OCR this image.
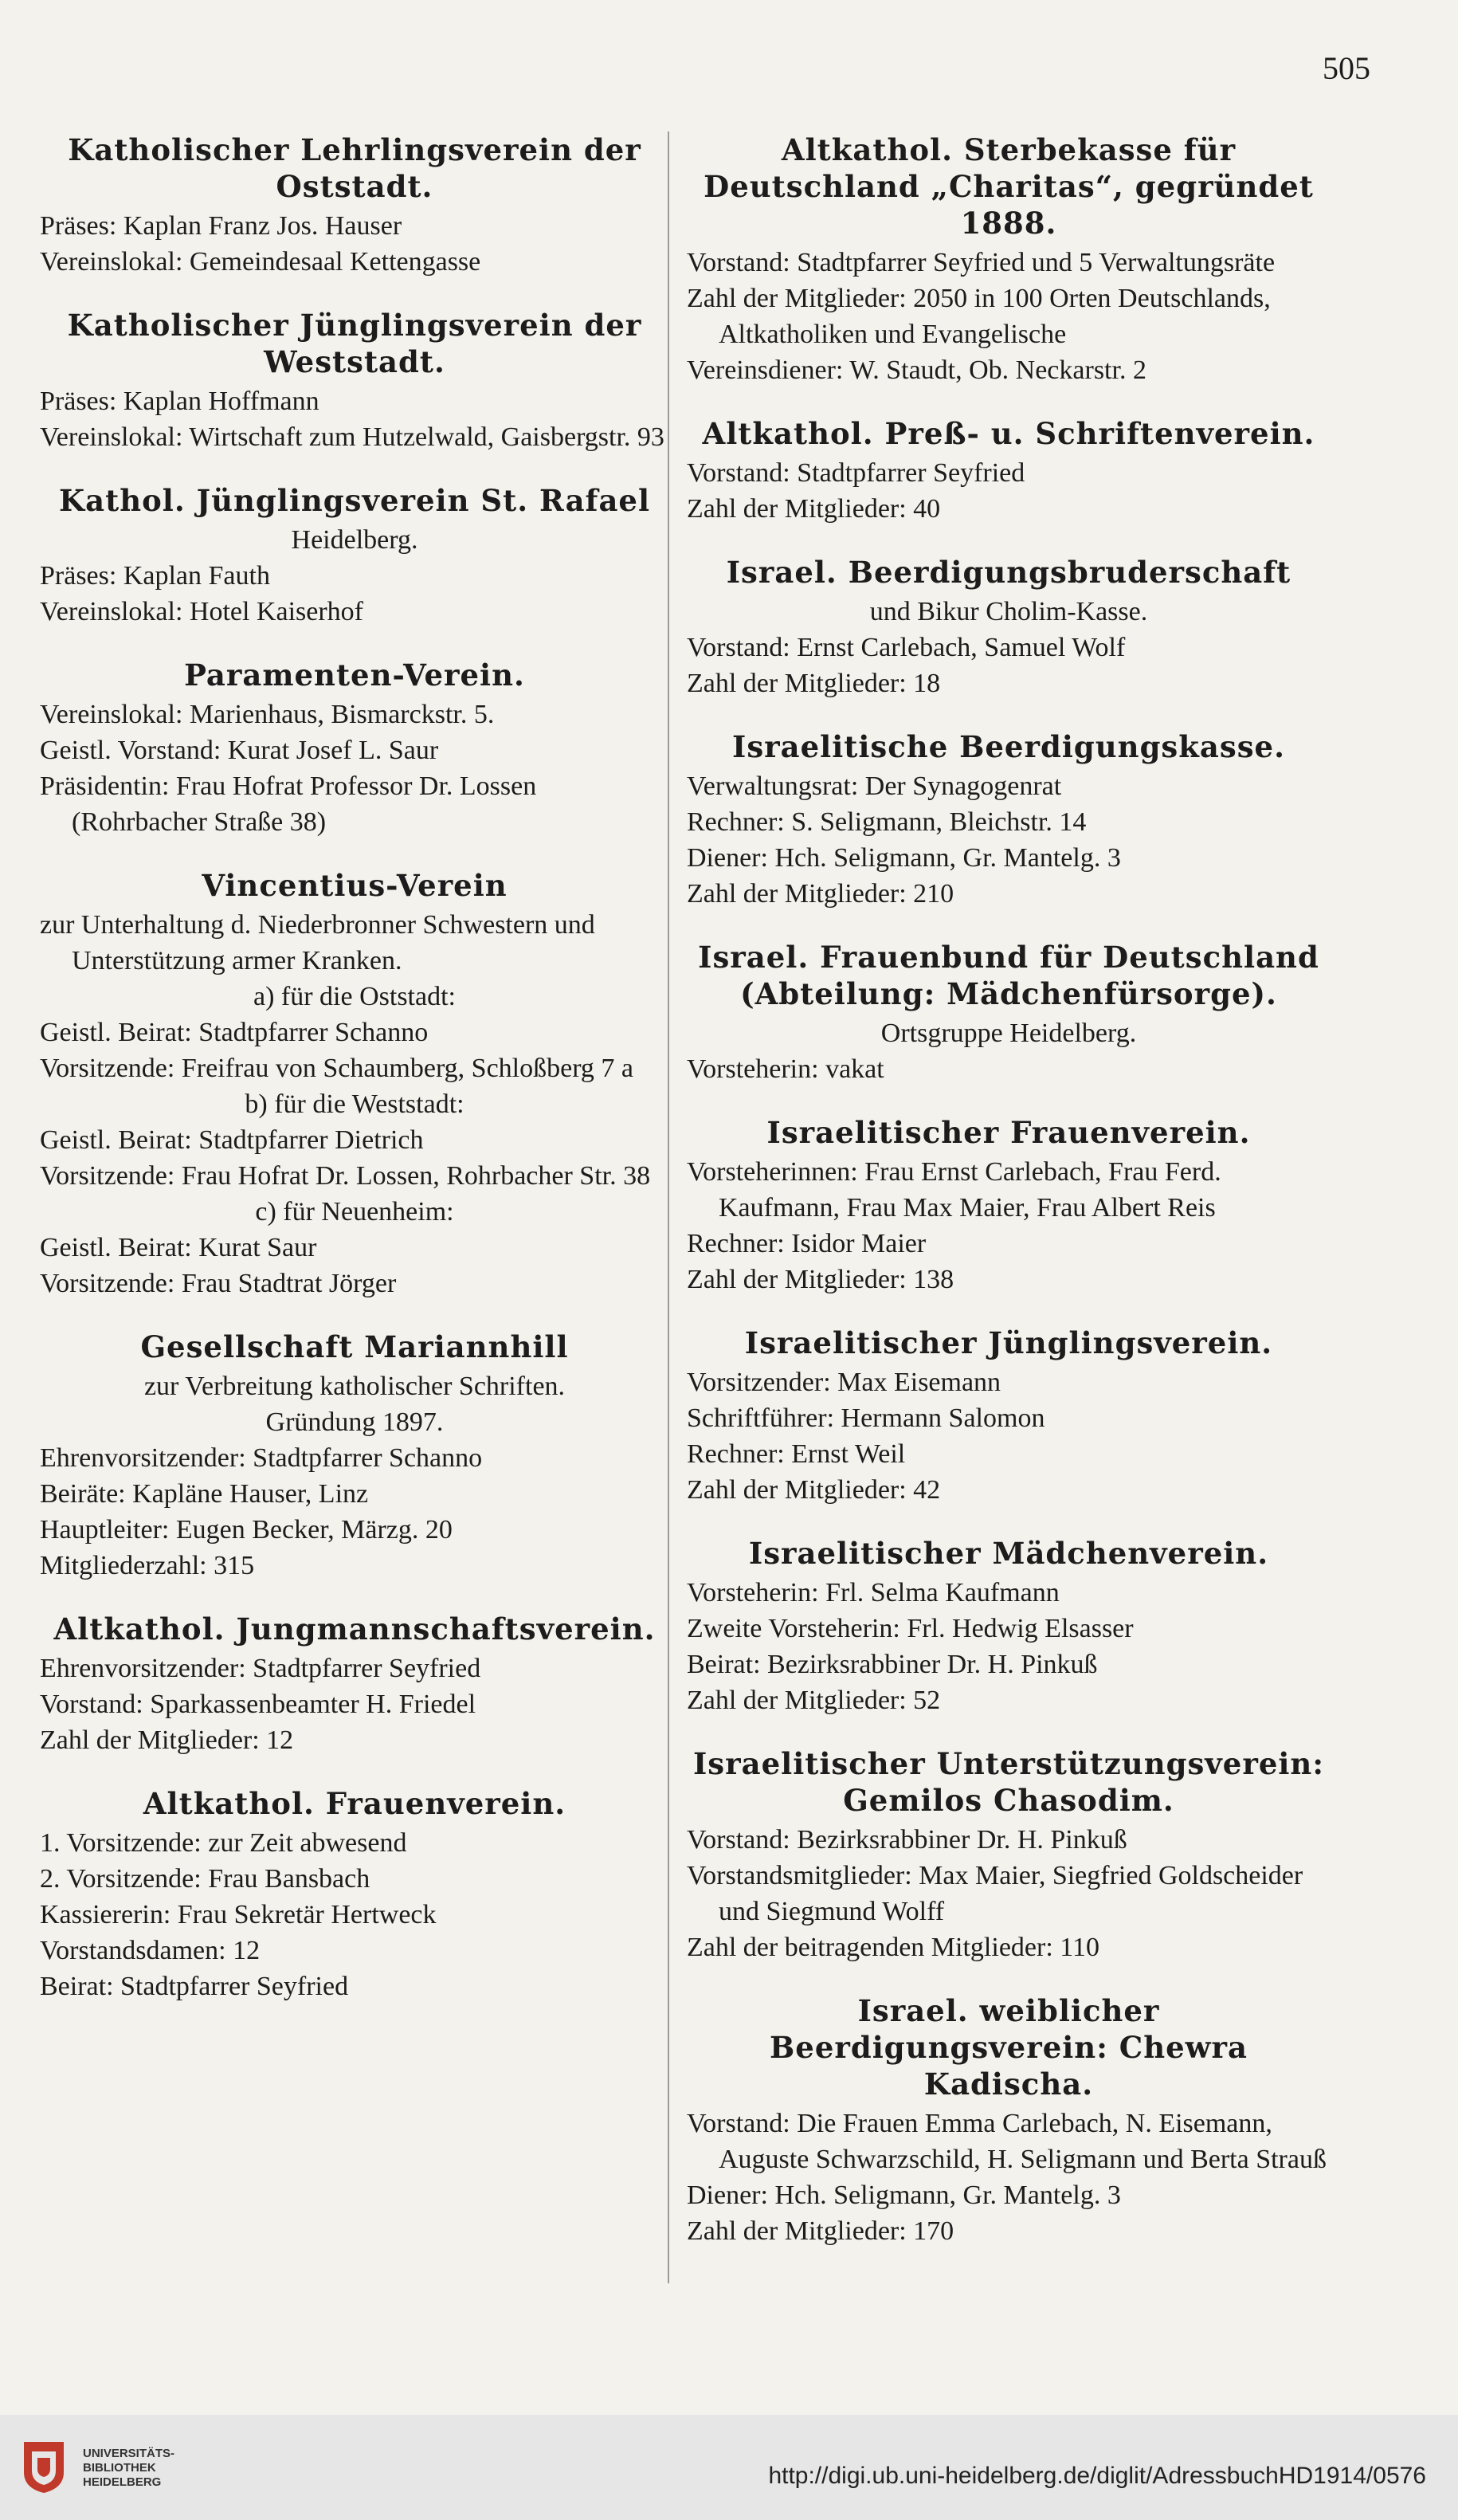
505
Katholischer Lehrlingsverein der Oststadt.
Präses: Kaplan Franz Jos. Hauser
Vereinslokal: Gemeindesaal Kettengasse
Katholischer Jünglingsverein der Weststadt.
Präses: Kaplan Hoffmann
Vereinslokal: Wirtschaft zum Hutzelwald, Gaisbergstr. 93
Kathol. Jünglingsverein St. Rafael
Heidelberg.
Präses: Kaplan Fauth
Vereinslokal: Hotel Kaiserhof
Paramenten-Verein.
Vereinslokal: Marienhaus, Bismarckstr. 5.
Geistl. Vorstand: Kurat Josef L. Saur
Präsidentin: Frau Hofrat Professor Dr. Lossen (Rohrbacher Straße 38)
Vincentius-Verein
zur Unterhaltung d. Niederbronner Schwestern und Unterstützung armer Kranken.
a) für die Oststadt:
Geistl. Beirat: Stadtpfarrer Schanno
Vorsitzende: Freifrau von Schaumberg, Schloßberg 7 a
b) für die Weststadt:
Geistl. Beirat: Stadtpfarrer Dietrich
Vorsitzende: Frau Hofrat Dr. Lossen, Rohrbacher Str. 38
c) für Neuenheim:
Geistl. Beirat: Kurat Saur
Vorsitzende: Frau Stadtrat Jörger
Gesellschaft Mariannhill
zur Verbreitung katholischer Schriften.
Gründung 1897.
Ehrenvorsitzender: Stadtpfarrer Schanno
Beiräte: Kapläne Hauser, Linz
Hauptleiter: Eugen Becker, Märzg. 20
Mitgliederzahl: 315
Altkathol. Jungmannschaftsverein.
Ehrenvorsitzender: Stadtpfarrer Seyfried
Vorstand: Sparkassenbeamter H. Friedel
Zahl der Mitglieder: 12
Altkathol. Frauenverein.
1. Vorsitzende: zur Zeit abwesend
2. Vorsitzende: Frau Bansbach
Kassiererin: Frau Sekretär Hertweck
Vorstandsdamen: 12
Beirat: Stadtpfarrer Seyfried
Altkathol. Sterbekasse für Deutschland „Charitas“, gegründet 1888.
Vorstand: Stadtpfarrer Seyfried und 5 Verwaltungsräte
Zahl der Mitglieder: 2050 in 100 Orten Deutschlands, Altkatholiken und Evangelische
Vereinsdiener: W. Staudt, Ob. Neckarstr. 2
Altkathol. Preß- u. Schriftenverein.
Vorstand: Stadtpfarrer Seyfried
Zahl der Mitglieder: 40
Israel. Beerdigungsbruderschaft
und Bikur Cholim-Kasse.
Vorstand: Ernst Carlebach, Samuel Wolf
Zahl der Mitglieder: 18
Israelitische Beerdigungskasse.
Verwaltungsrat: Der Synagogenrat
Rechner: S. Seligmann, Bleichstr. 14
Diener: Hch. Seligmann, Gr. Mantelg. 3
Zahl der Mitglieder: 210
Israel. Frauenbund für Deutschland (Abteilung: Mädchenfürsorge).
Ortsgruppe Heidelberg.
Vorsteherin: vakat
Israelitischer Frauenverein.
Vorsteherinnen: Frau Ernst Carlebach, Frau Ferd. Kaufmann, Frau Max Maier, Frau Albert Reis
Rechner: Isidor Maier
Zahl der Mitglieder: 138
Israelitischer Jünglingsverein.
Vorsitzender: Max Eisemann
Schriftführer: Hermann Salomon
Rechner: Ernst Weil
Zahl der Mitglieder: 42
Israelitischer Mädchenverein.
Vorsteherin: Frl. Selma Kaufmann
Zweite Vorsteherin: Frl. Hedwig Elsasser
Beirat: Bezirksrabbiner Dr. H. Pinkuß
Zahl der Mitglieder: 52
Israelitischer Unterstützungsverein: Gemilos Chasodim.
Vorstand: Bezirksrabbiner Dr. H. Pinkuß
Vorstandsmitglieder: Max Maier, Siegfried Goldscheider und Siegmund Wolff
Zahl der beitragenden Mitglieder: 110
Israel. weiblicher Beerdigungsverein: Chewra Kadischa.
Vorstand: Die Frauen Emma Carlebach, N. Eisemann, Auguste Schwarzschild, H. Seligmann und Berta Strauß
Diener: Hch. Seligmann, Gr. Mantelg. 3
Zahl der Mitglieder: 170
UNIVERSITÄTS-
BIBLIOTHEK
HEIDELBERG	http://digi.ub.uni-heidelberg.de/diglit/AdressbuchHD1914/0576
